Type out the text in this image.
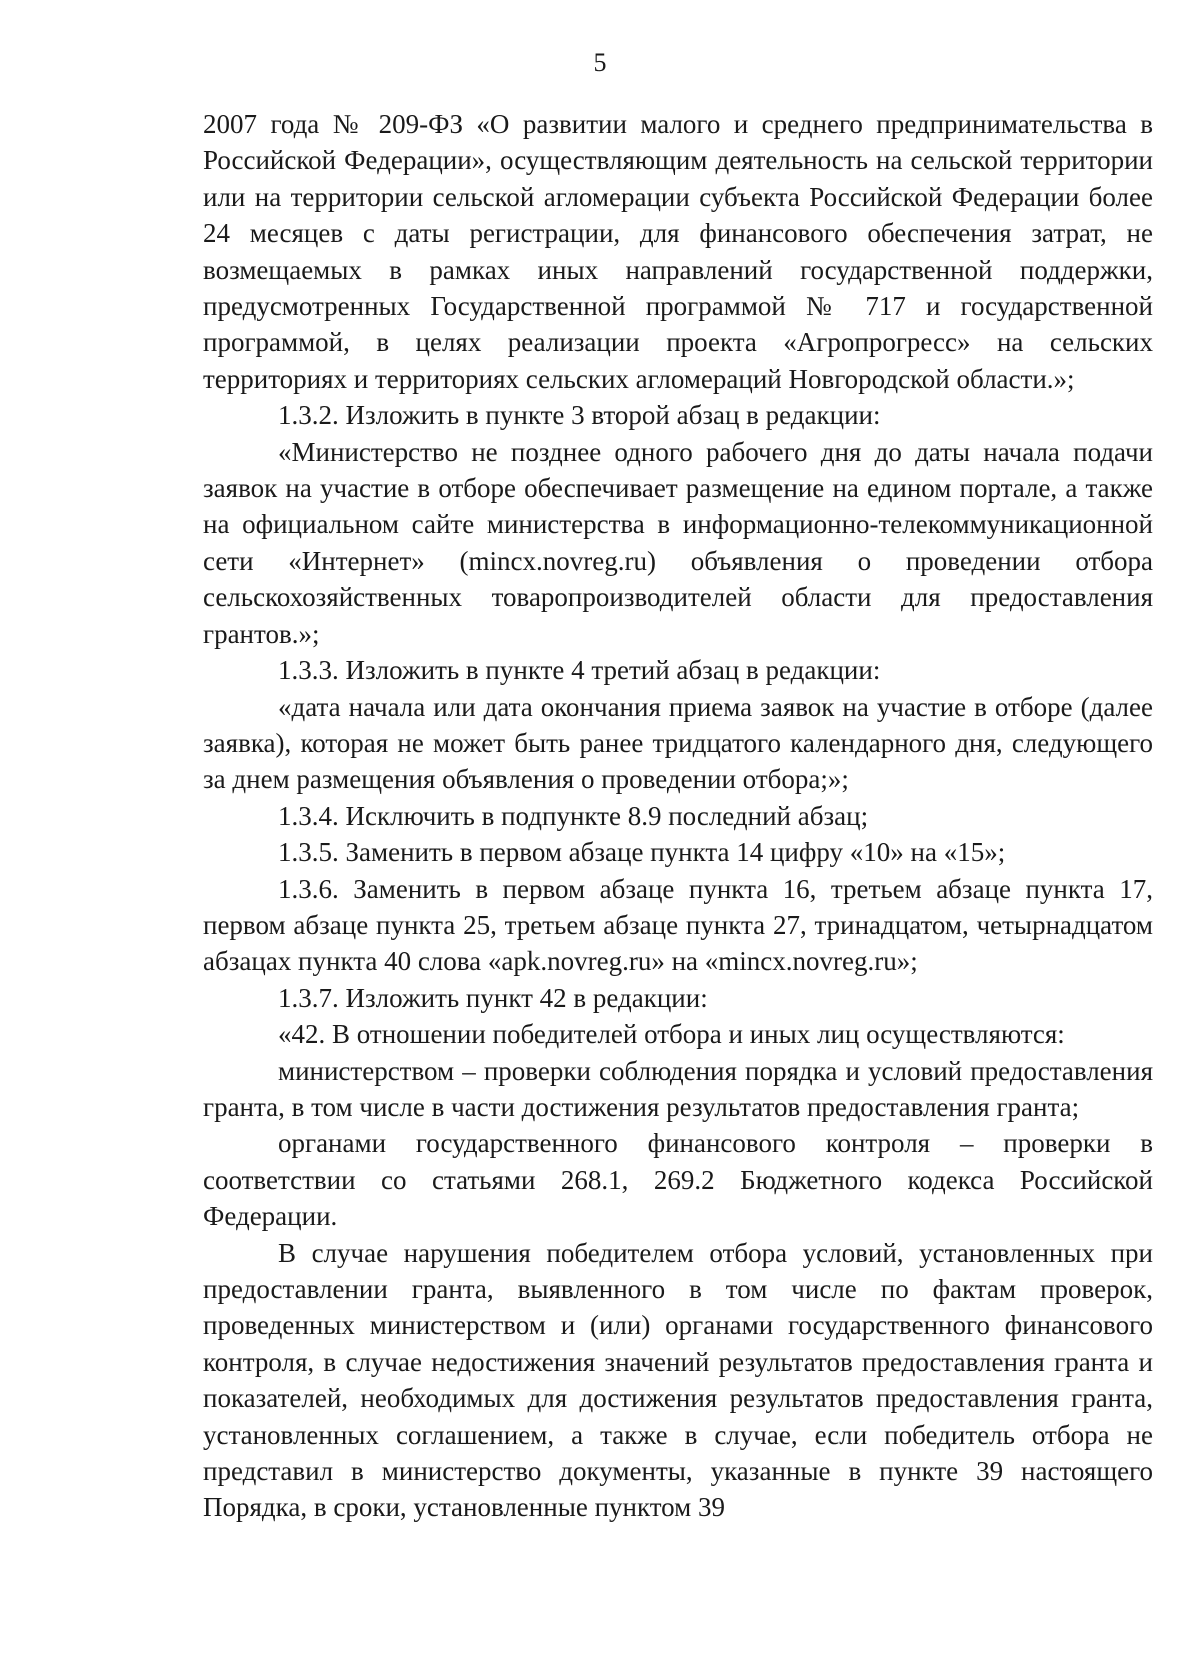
5

2007 года № 209-ФЗ «О развитии малого и среднего предпринимательства в Российской Федерации», осуществляющим деятельность на сельской территории или на территории сельской агломерации субъекта Российской Федерации более 24 месяцев с даты регистрации, для финансового обеспечения затрат, не возмещаемых в рамках иных направлений государственной поддержки, предусмотренных Государственной программой № 717 и государственной программой, в целях реализации проекта «Агропрогресс» на сельских территориях и территориях сельских агломераций Новгородской области.»;

1.3.2. Изложить в пункте 3 второй абзац в редакции:

«Министерство не позднее одного рабочего дня до даты начала подачи заявок на участие в отборе обеспечивает размещение на едином портале, а также на официальном сайте министерства в информационно-телекоммуникационной сети «Интернет» (mincx.novreg.ru) объявления о проведении отбора сельскохозяйственных товаропроизводителей области для предоставления грантов.»;

1.3.3. Изложить в пункте 4 третий абзац в редакции:

«дата начала или дата окончания приема заявок на участие в отборе (далее заявка), которая не может быть ранее тридцатого календарного дня, следующего за днем размещения объявления о проведении отбора;»;

1.3.4. Исключить в подпункте 8.9 последний абзац;

1.3.5. Заменить в первом абзаце пункта 14 цифру «10» на «15»;

1.3.6. Заменить в первом абзаце пункта 16, третьем абзаце пункта 17, первом абзаце пункта 25, третьем абзаце пункта 27, тринадцатом, четырнадцатом абзацах пункта 40 слова «apk.novreg.ru» на «mincx.novreg.ru»;

1.3.7. Изложить пункт 42 в редакции:

«42. В отношении победителей отбора и иных лиц осуществляются:

министерством – проверки соблюдения порядка и условий предоставления гранта, в том числе в части достижения результатов предоставления гранта;

органами государственного финансового контроля – проверки в соответствии со статьями 268.1, 269.2 Бюджетного кодекса Российской Федерации.

В случае нарушения победителем отбора условий, установленных при предоставлении гранта, выявленного в том числе по фактам проверок, проведенных министерством и (или) органами государственного финансового контроля, в случае недостижения значений результатов предоставления гранта и показателей, необходимых для достижения результатов предоставления гранта, установленных соглашением, а также в случае, если победитель отбора не представил в министерство документы, указанные в пункте 39 настоящего Порядка, в сроки, установленные пунктом 39
